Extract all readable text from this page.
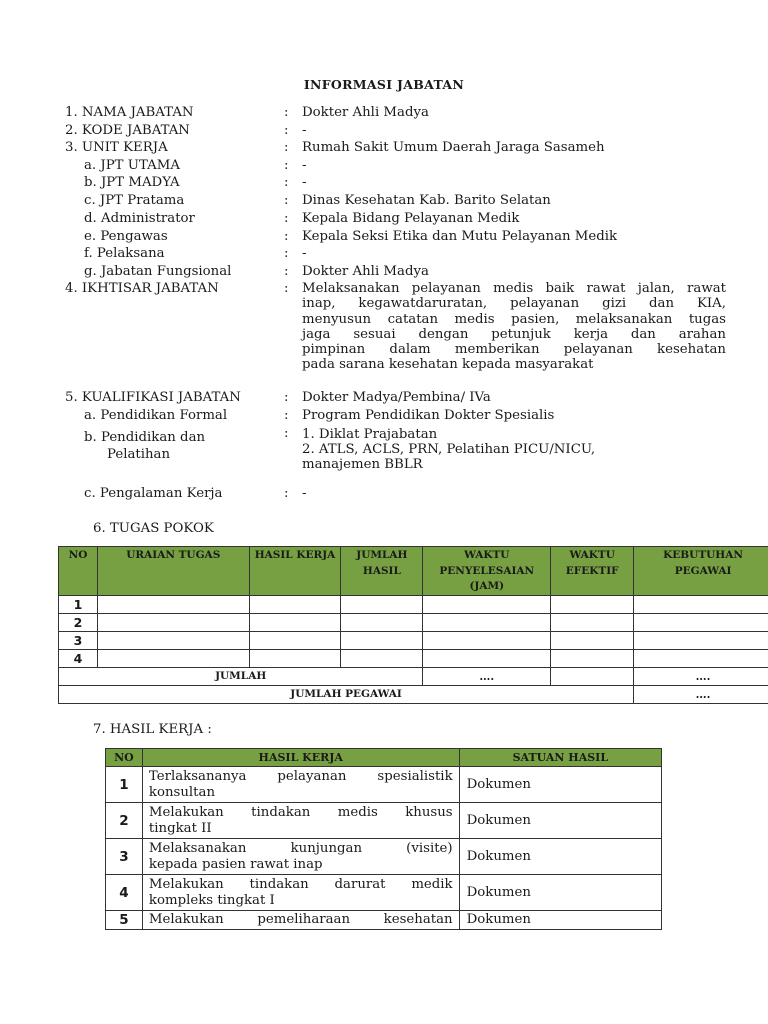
INFORMASI JABATAN
1. NAMA JABATAN	: Dokter Ahli Madya
2. KODE JABATAN	: -
3. UNIT KERJA	: Rumah Sakit Umum Daerah Jaraga Sasameh
a. JPT UTAMA	: -
b. JPT MADYA	: -
c. JPT Pratama	: Dinas Kesehatan Kab. Barito Selatan
d. Administrator	: Kepala Bidang Pelayanan Medik
e. Pengawas	: Kepala Seksi Etika dan Mutu Pelayanan Medik
f. Pelaksana	: -
g. Jabatan Fungsional	: Dokter Ahli Madya
4. IKHTISAR JABATAN	: Melaksanakan pelayanan medis baik rawat jalan, rawat
inap, kegawatdaruratan, pelayanan gizi dan KIA,
menyusun catatan medis pasien, melaksanakan tugas
jaga sesuai dengan petunjuk kerja dan arahan
pimpinan dalam memberikan pelayanan kesehatan
pada sarana kesehatan kepada masyarakat
5. KUALIFIKASI JABATAN	: Dokter Madya/Pembina/ IVa
a. Pendidikan Formal	: Program Pendidikan Dokter Spesialis
b. Pendidikan dan	:
Pelatihan
1. Diklat Prajabatan
2. ATLS, ACLS, PRN, Pelatihan PICU/NICU,
manajemen BBLR
c. Pengalaman Kerja	: -
6. TUGAS POKOK
NO	URAIAN TUGAS	HASIL KERJA	JUMLAH HASIL	WAKTU PENYELESAIAN (JAM)	WAKTU EFEKTIF	KEBUTUHAN PEGAWAI
1						
2						
3						
4						
JUMLAH				….		….
JUMLAH PEGAWAI						….
7. HASIL KERJA :
NO	HASIL KERJA	SATUAN HASIL
1	Terlaksananya pelayanan spesialistik
konsultan	Dokumen
2	Melakukan tindakan medis khusus
tingkat II	Dokumen
3	Melaksanakan kunjungan (visite)
kepada pasien rawat inap	Dokumen
4	Melakukan tindakan darurat medik
kompleks tingkat I	Dokumen
5	Melakukan pemeliharaan kesehatan	Dokumen
